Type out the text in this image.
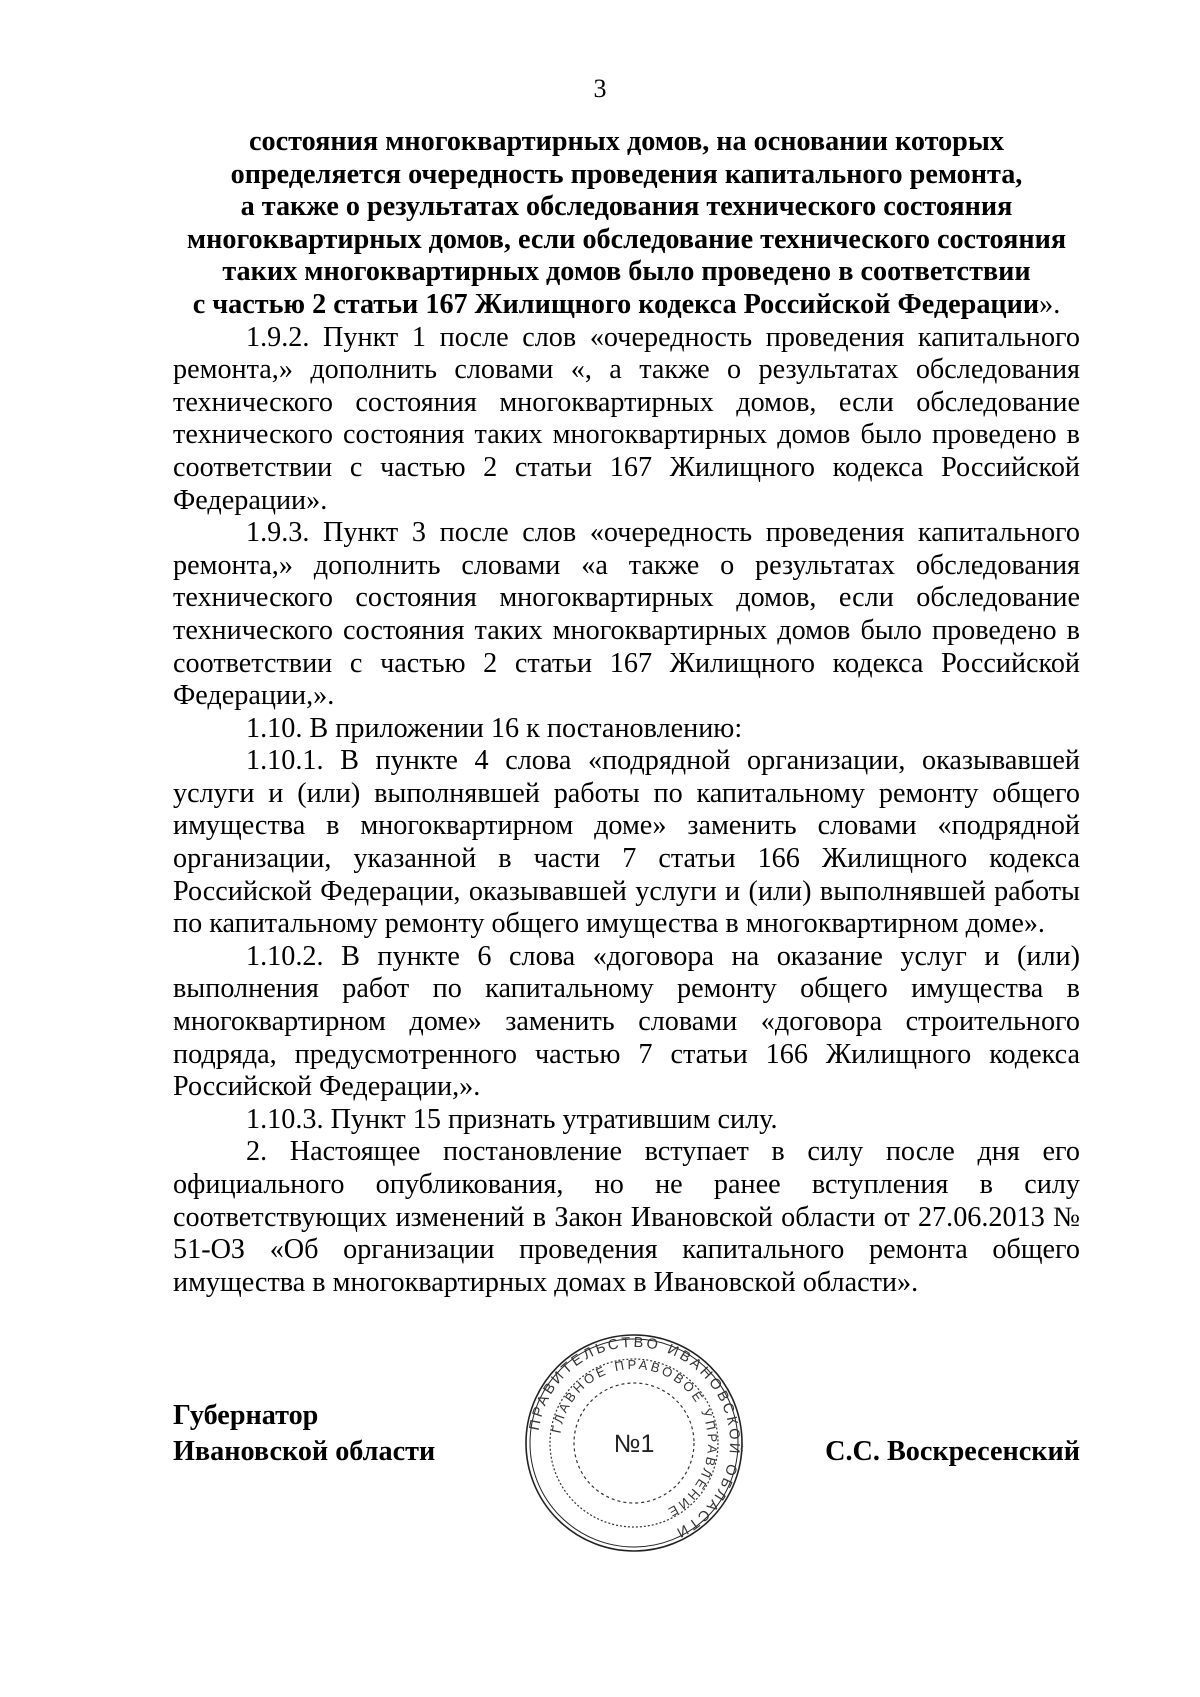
3
состояния многоквартирных домов, на основании которых
определяется очередность проведения капитального ремонта,
а также о результатах обследования технического состояния
многоквартирных домов, если обследование технического состояния
таких многоквартирных домов было проведено в соответствии
с частью 2 статьи 167 Жилищного кодекса Российской Федерации».

1.9.2. Пункт 1 после слов «очередность проведения капитального ремонта,» дополнить словами «, а также о результатах обследования технического состояния многоквартирных домов, если обследование технического состояния таких многоквартирных домов было проведено в соответствии с частью 2 статьи 167 Жилищного кодекса Российской Федерации».

1.9.3. Пункт 3 после слов «очередность проведения капитального ремонта,» дополнить словами «а также о результатах обследования технического состояния многоквартирных домов, если обследование технического состояния таких многоквартирных домов было проведено в соответствии с частью 2 статьи 167 Жилищного кодекса Российской Федерации,».

1.10. В приложении 16 к постановлению:

1.10.1. В пункте 4 слова «подрядной организации, оказывавшей услуги и (или) выполнявшей работы по капитальному ремонту общего имущества в многоквартирном доме» заменить словами «подрядной организации, указанной в части 7 статьи 166 Жилищного кодекса Российской Федерации, оказывавшей услуги и (или) выполнявшей работы по капитальному ремонту общего имущества в многоквартирном доме».

1.10.2. В пункте 6 слова «договора на оказание услуг и (или) выполнения работ по капитальному ремонту общего имущества в многоквартирном доме» заменить словами «договора строительного подряда, предусмотренного частью 7 статьи 166 Жилищного кодекса Российской Федерации,».

1.10.3. Пункт 15 признать утратившим силу.

2. Настоящее постановление вступает в силу после дня его официального опубликования, но не ранее вступления в силу соответствующих изменений в Закон Ивановской области от 27.06.2013 № 51-ОЗ «Об организации проведения капитального ремонта общего имущества в многоквартирных домах в Ивановской области».

Губернатор
Ивановской области	С.С. Воскресенский
ПРАВИТЕЛЬСТВО ИВАНОВСКОЙ ОБЛАСТИ
ГЛАВНОЕ ПРАВОВОЕ УПРАВЛЕНИЕ
№1
